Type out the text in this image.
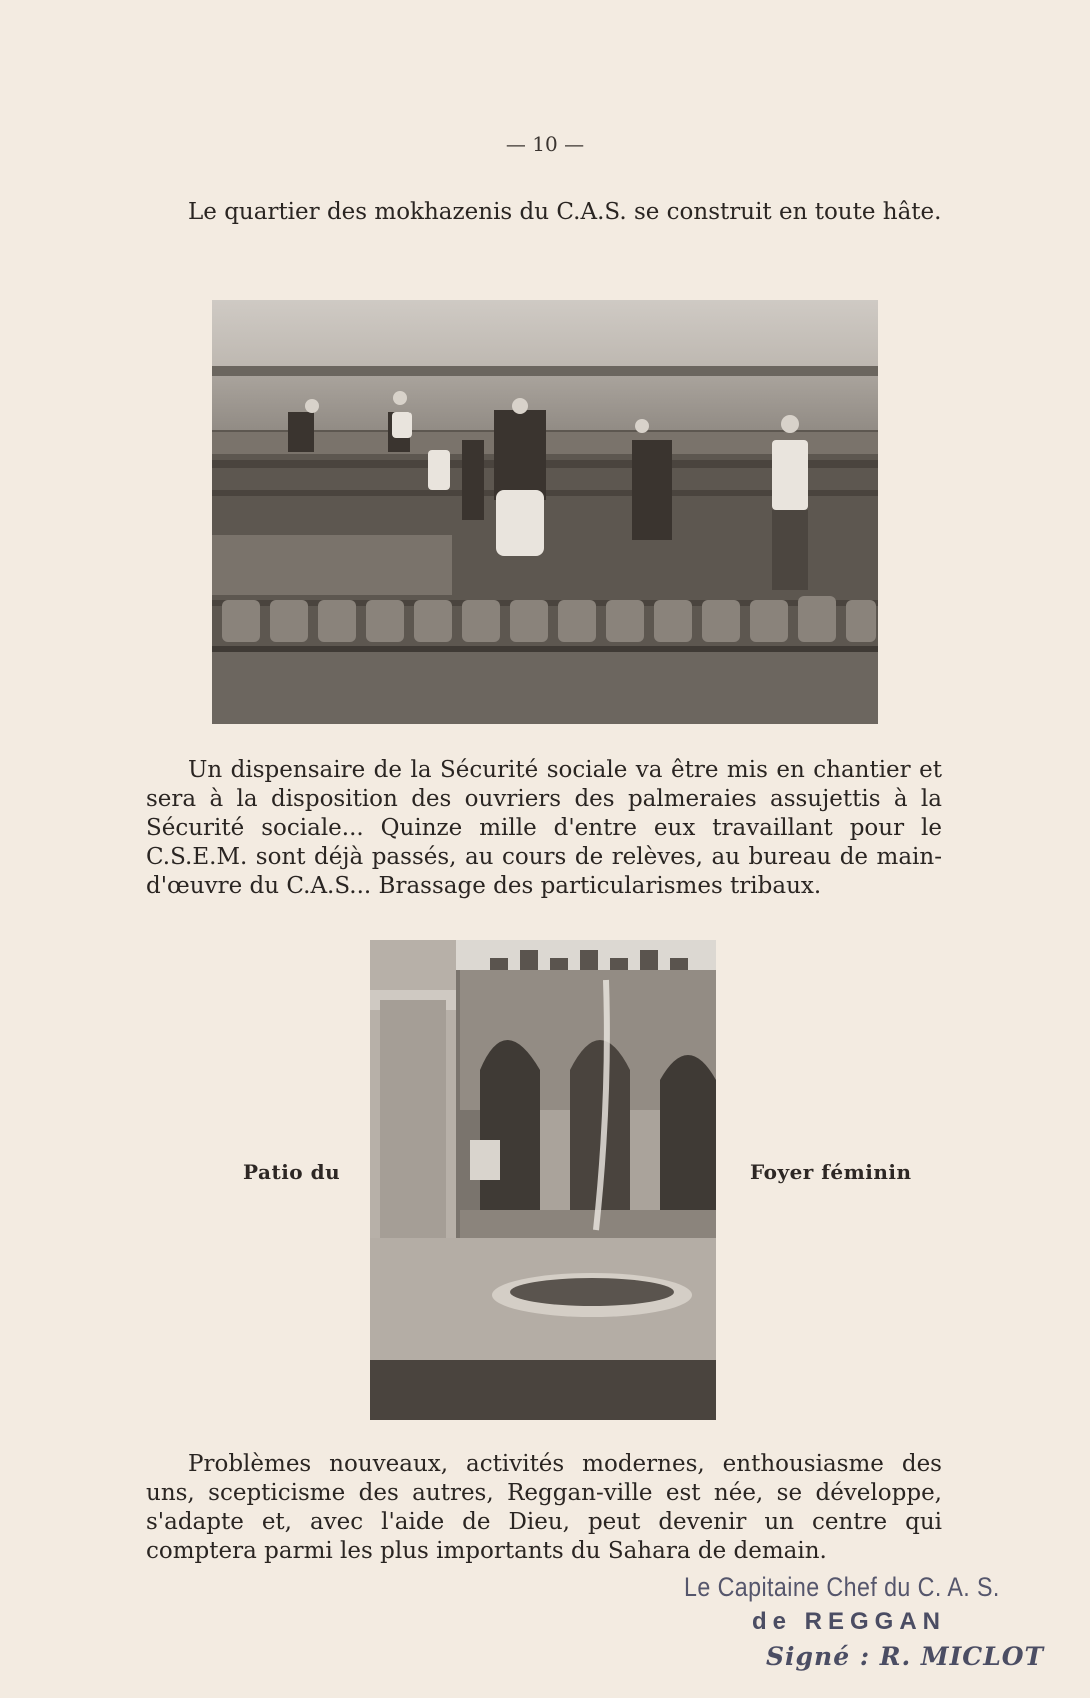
— 10 —

Le quartier des mokhazenis du C.A.S. se construit en toute hâte.

Un dispensaire de la Sécurité sociale va être mis en chantier et sera à la disposition des ouvriers des palmeraies assujettis à la Sécurité sociale... Quinze mille d'entre eux travaillant pour le C.S.E.M. sont déjà passés, au cours de relèves, au bureau de main-d'œuvre du C.A.S... Brassage des particularismes tribaux.

Patio du	Foyer féminin

Problèmes nouveaux, activités modernes, enthousiasme des uns, scepticisme des autres, Reggan-ville est née, se développe, s'adapte et, avec l'aide de Dieu, peut devenir un centre qui comptera parmi les plus importants du Sahara de demain.

Le Capitaine Chef du C. A. S.
de REGGAN
Signé : R. MICLOT
